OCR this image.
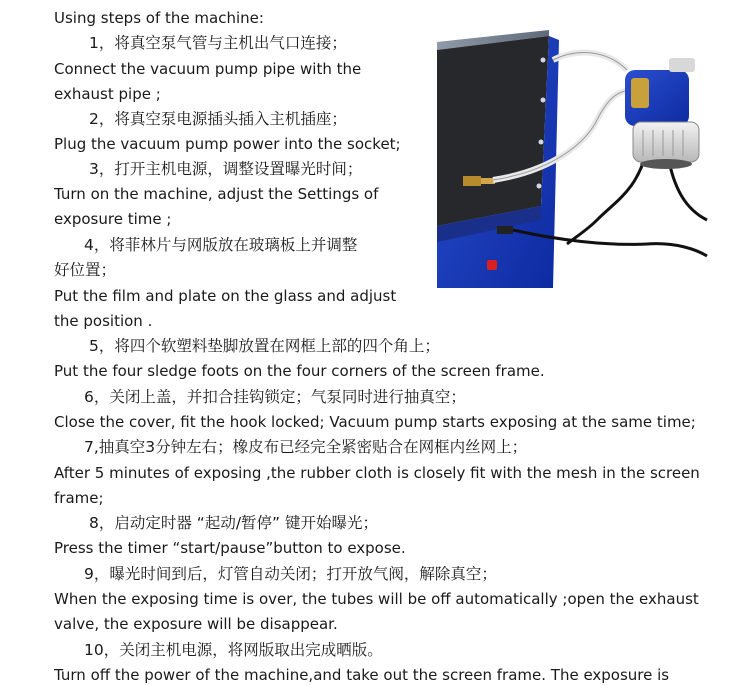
Using steps of the machine:
1，将真空泵气管与主机出气口连接；
Connect the vacuum pump pipe with the
exhaust pipe ;
2，将真空泵电源插头插入主机插座；
Plug the vacuum pump power into the socket;
3，打开主机电源，调整设置曝光时间；
Turn on the machine, adjust the Settings of
exposure time ;
4，将菲林片与网版放在玻璃板上并调整
好位置；
Put the film and plate on the glass and adjust
the position .
5，将四个软塑料垫脚放置在网框上部的四个角上；
Put the four sledge foots on the four corners of the screen frame.
6，关闭上盖，并扣合挂钩锁定；气泵同时进行抽真空；
Close the cover, fit the hook locked; Vacuum pump starts exposing at the same time;
7,抽真空3分钟左右；橡皮布已经完全紧密贴合在网框内丝网上；
After 5 minutes of exposing ,the rubber cloth is closely fit with the mesh in the screen
frame;
8，启动定时器 “起动/暂停” 键开始曝光；
Press the timer “start/pause”button to expose.
9，曝光时间到后，灯管自动关闭；打开放气阀，解除真空；
When the exposing time is over, the tubes will be off automatically ;open the exhaust
valve, the exposure will be disappear.
10，关闭主机电源，将网版取出完成晒版。
Turn off the power of the machine,and take out the screen frame. The exposure is
